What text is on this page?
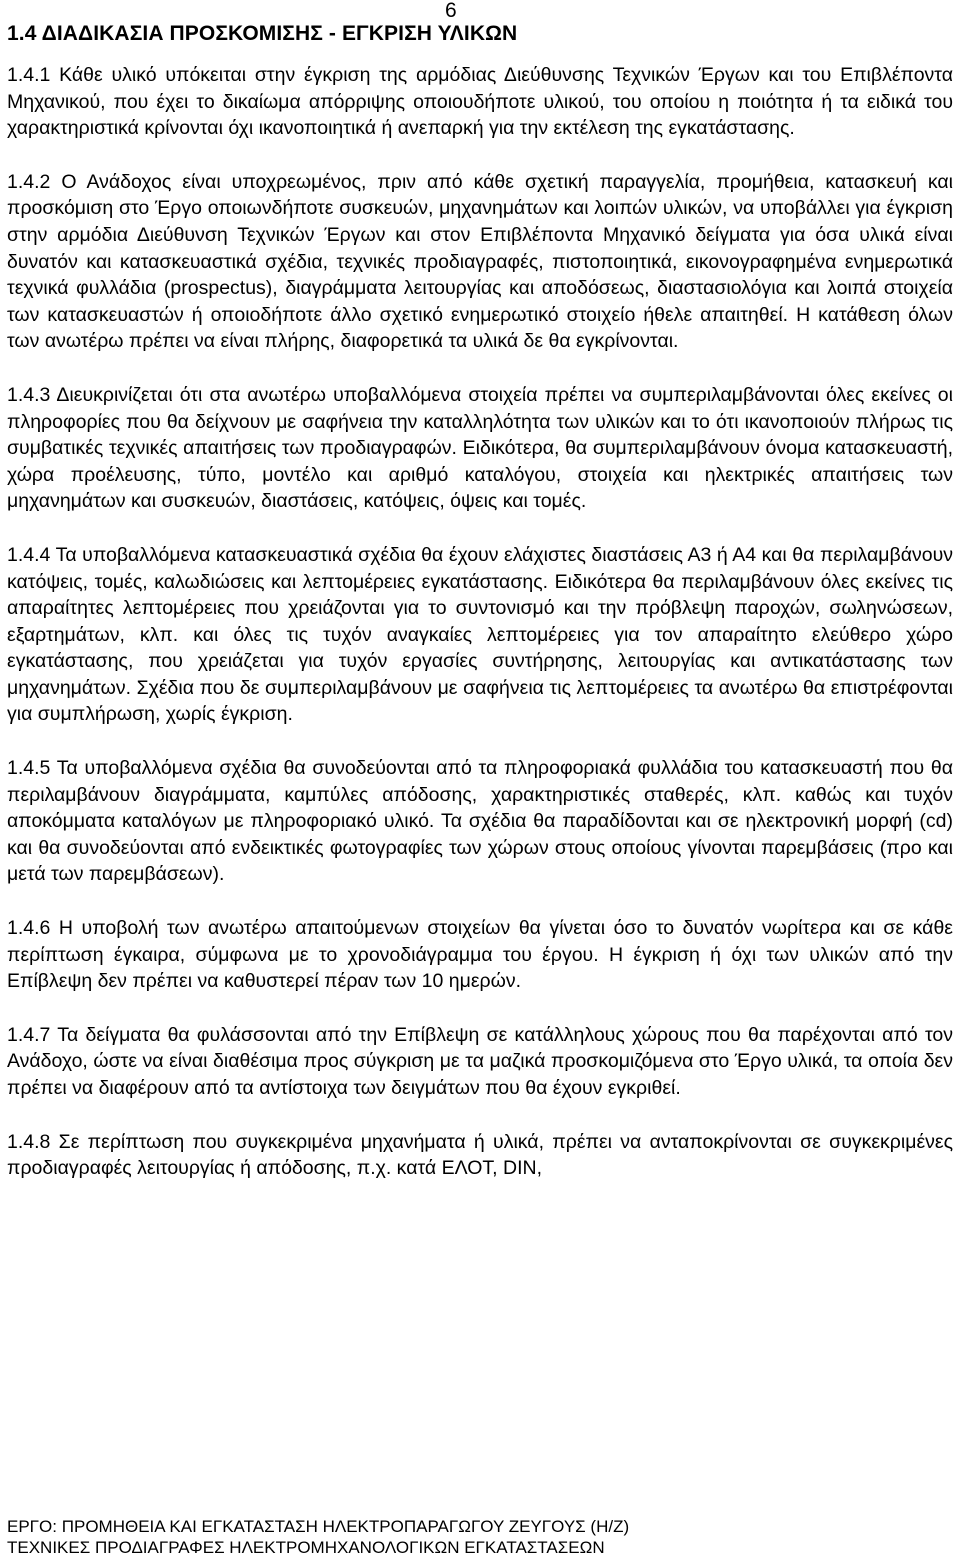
6
1.4 ΔΙΑΔΙΚΑΣΙΑ ΠΡΟΣΚΟΜΙΣΗΣ - ΕΓΚΡΙΣΗ ΥΛΙΚΩΝ

1.4.1 Κάθε υλικό υπόκειται στην έγκριση της αρμόδιας Διεύθυνσης Τεχνικών Έργων και του Επιβλέποντα Μηχανικού, που έχει το δικαίωμα απόρριψης οποιουδήποτε υλικού, του οποίου η ποιότητα ή τα ειδικά του χαρακτηριστικά κρίνονται όχι ικανοποιητικά ή ανεπαρκή για την εκτέλεση της εγκατάστασης.

1.4.2 Ο Ανάδοχος είναι υποχρεωμένος, πριν από κάθε σχετική παραγγελία, προμήθεια, κατασκευή και προσκόμιση στο Έργο οποιωνδήποτε συσκευών, μηχανημάτων και λοιπών υλικών, να υποβάλλει για έγκριση στην αρμόδια Διεύθυνση Τεχνικών Έργων και στον Επιβλέποντα Μηχανικό δείγματα για όσα υλικά είναι δυνατόν και κατασκευαστικά σχέδια, τεχνικές προδιαγραφές, πιστοποιητικά, εικονογραφημένα ενημερωτικά τεχνικά φυλλάδια (prospectus), διαγράμματα λειτουργίας και αποδόσεως, διαστασιολόγια και λοιπά στοιχεία των κατασκευαστών ή οποιοδήποτε άλλο σχετικό ενημερωτικό στοιχείο ήθελε απαιτηθεί. Η κατάθεση όλων των ανωτέρω πρέπει να είναι πλήρης, διαφορετικά τα υλικά δε θα εγκρίνονται.

1.4.3 Διευκρινίζεται ότι στα ανωτέρω υποβαλλόμενα στοιχεία πρέπει να συμπεριλαμβάνονται όλες εκείνες οι πληροφορίες που θα δείχνουν με σαφήνεια την καταλληλότητα των υλικών και το ότι ικανοποιούν πλήρως τις συμβατικές τεχνικές απαιτήσεις των προδιαγραφών. Ειδικότερα, θα συμπεριλαμβάνουν όνομα κατασκευαστή, χώρα προέλευσης, τύπο, μοντέλο και αριθμό καταλόγου, στοιχεία και ηλεκτρικές απαιτήσεις των μηχανημάτων και συσκευών, διαστάσεις, κατόψεις, όψεις και τομές.

1.4.4 Τα υποβαλλόμενα κατασκευαστικά σχέδια θα έχουν ελάχιστες διαστάσεις Α3 ή Α4 και θα περιλαμβάνουν κατόψεις, τομές, καλωδιώσεις και λεπτομέρειες εγκατάστασης. Ειδικότερα θα περιλαμβάνουν όλες εκείνες τις απαραίτητες λεπτομέρειες που χρειάζονται για το συντονισμό και την πρόβλεψη παροχών, σωληνώσεων, εξαρτημάτων, κλπ. και όλες τις τυχόν αναγκαίες λεπτομέρειες για τον απαραίτητο ελεύθερο χώρο εγκατάστασης, που χρειάζεται για τυχόν εργασίες συντήρησης, λειτουργίας και αντικατάστασης των μηχανημάτων. Σχέδια που δε συμπεριλαμβάνουν με σαφήνεια τις λεπτομέρειες τα ανωτέρω θα επιστρέφονται για συμπλήρωση, χωρίς έγκριση.

1.4.5 Τα υποβαλλόμενα σχέδια θα συνοδεύονται από τα πληροφοριακά φυλλάδια του κατασκευαστή που θα περιλαμβάνουν διαγράμματα, καμπύλες απόδοσης, χαρακτηριστικές σταθερές, κλπ. καθώς και τυχόν αποκόμματα καταλόγων με πληροφοριακό υλικό. Τα σχέδια θα παραδίδονται και σε ηλεκτρονική μορφή (cd) και θα συνοδεύονται από ενδεικτικές φωτογραφίες των χώρων στους οποίους γίνονται παρεμβάσεις (προ και μετά των παρεμβάσεων).

1.4.6 Η υποβολή των ανωτέρω απαιτούμενων στοιχείων θα γίνεται όσο το δυνατόν νωρίτερα και σε κάθε περίπτωση έγκαιρα, σύμφωνα με το χρονοδιάγραμμα του έργου. Η έγκριση ή όχι των υλικών από την Επίβλεψη δεν πρέπει να καθυστερεί πέραν των 10 ημερών.

1.4.7 Τα δείγματα θα φυλάσσονται από την Επίβλεψη σε κατάλληλους χώρους που θα παρέχονται από τον Ανάδοχο, ώστε να είναι διαθέσιμα προς σύγκριση με τα μαζικά προσκομιζόμενα στο Έργο υλικά, τα οποία δεν πρέπει να διαφέρουν από τα αντίστοιχα των δειγμάτων που θα έχουν εγκριθεί.

1.4.8 Σε περίπτωση που συγκεκριμένα μηχανήματα ή υλικά, πρέπει να ανταποκρίνονται σε συγκεκριμένες προδιαγραφές λειτουργίας ή απόδοσης, π.χ. κατά ΕΛΟΤ, DIN,

ΕΡΓΟ: ΠΡΟΜΗΘΕΙΑ ΚΑΙ ΕΓΚΑΤΑΣΤΑΣΗ ΗΛΕΚΤΡΟΠΑΡΑΓΩΓΟΥ ΖΕΥΓΟΥΣ (Η/Ζ)
ΤΕΧΝΙΚΕΣ ΠΡΟΔΙΑΓΡΑΦΕΣ ΗΛΕΚΤΡΟΜΗΧΑΝΟΛΟΓΙΚΩΝ ΕΓΚΑΤΑΣΤΑΣΕΩΝ
